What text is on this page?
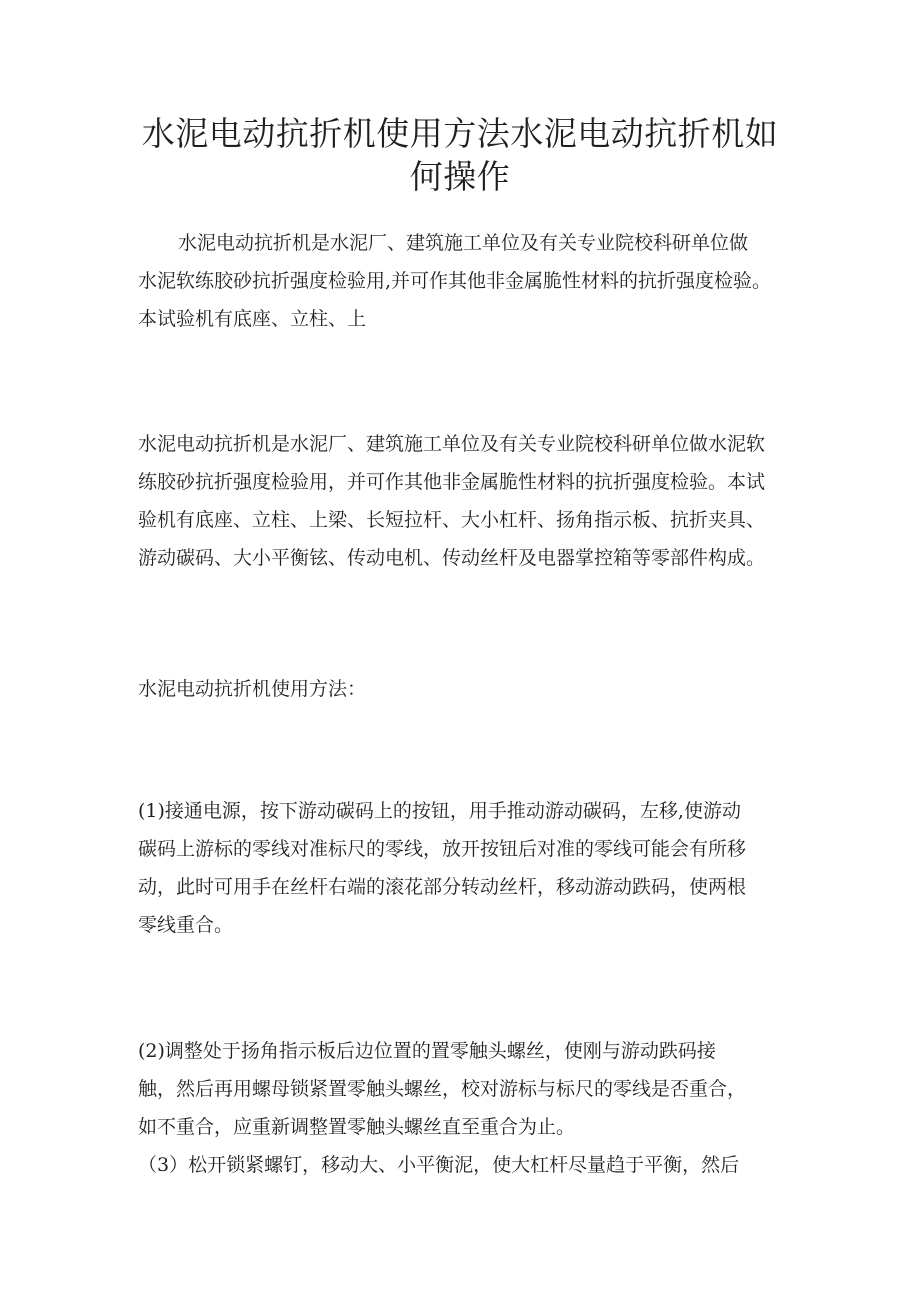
水泥电动抗折机使用方法水泥电动抗折机如
何操作
水泥电动抗折机是水泥厂、建筑施工单位及有关专业院校科研单位做
水泥软练胶砂抗折强度检验用,并可作其他非金属脆性材料的抗折强度检验。
本试验机有底座、立柱、上
水泥电动抗折机是水泥厂、建筑施工单位及有关专业院校科研单位做水泥软
练胶砂抗折强度检验用，并可作其他非金属脆性材料的抗折强度检验。本试
验机有底座、立柱、上梁、长短拉杆、大小杠杆、扬角指示板、抗折夹具、
游动碳码、大小平衡铉、传动电机、传动丝杆及电器掌控箱等零部件构成。
水泥电动抗折机使用方法：
(1)接通电源，按下游动碳码上的按钮，用手推动游动碳码，左移,使游动
碳码上游标的零线对准标尺的零线，放开按钮后对准的零线可能会有所移
动，此时可用手在丝杆右端的滚花部分转动丝杆，移动游动跌码，使两根
零线重合。
(2)调整处于扬角指示板后边位置的置零触头螺丝，使刚与游动跌码接
触，然后再用螺母锁紧置零触头螺丝，校对游标与标尺的零线是否重合，
如不重合，应重新调整置零触头螺丝直至重合为止。
（3）松开锁紧螺钉，移动大、小平衡泥，使大杠杆尽量趋于平衡，然后
